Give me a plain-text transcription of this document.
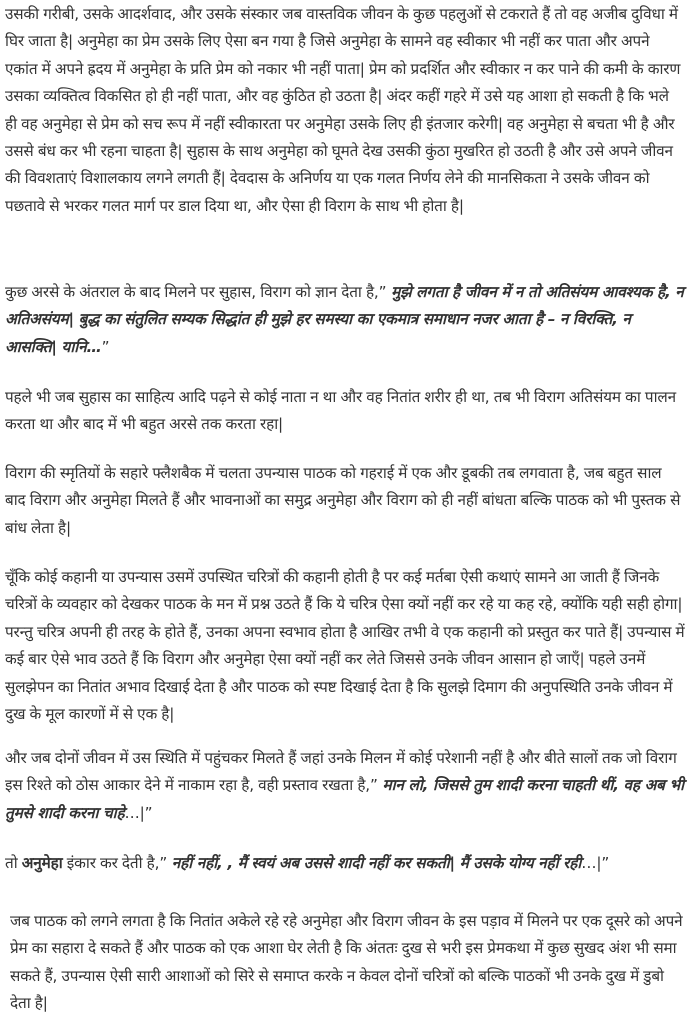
उसकी गरीबी, उसके आदर्शवाद, और उसके संस्कार जब वास्तविक जीवन के कुछ पहलुओं से टकराते हैं तो वह अजीब दुविधा में घिर जाता है| अनुमेहा का प्रेम उसके लिए ऐसा बन गया है जिसे अनुमेहा के सामने वह स्वीकार भी नहीं कर पाता और अपने एकांत में अपने ह्रदय में अनुमेहा के प्रति प्रेम को नकार भी नहीं पाता| प्रेम को प्रदर्शित और स्वीकार न कर पाने की कमी के कारण उसका व्यक्तित्व विकसित हो ही नहीं पाता, और वह कुंठित हो उठता है| अंदर कहीं गहरे में उसे यह आशा हो सकती है कि भले ही वह अनुमेहा से प्रेम को सच रूप में नहीं स्वीकारता पर अनुमेहा उसके लिए ही इंतजार करेगी| वह अनुमेहा से बचता भी है और उससे बंध कर भी रहना चाहता है| सुहास के साथ अनुमेहा को घूमते देख उसकी कुंठा मुखरित हो उठती है और उसे अपने जीवन की विवशताएं विशालकाय लगने लगती हैं| देवदास के अनिर्णय या एक गलत निर्णय लेने की मानसिकता ने उसके जीवन को पछतावे से भरकर गलत मार्ग पर डाल दिया था, और ऐसा ही विराग के साथ भी होता है|

कुछ अरसे के अंतराल के बाद मिलने पर सुहास, विराग को ज्ञान देता है,” मुझे लगता है जीवन में न तो अतिसंयम आवश्यक है, न अतिअसंयम| बुद्ध का संतुलित सम्यक सिद्धांत ही मुझे हर समस्या का एकमात्र समाधान नजर आता है – न विरक्ति, न आसक्ति| यानि…”

पहले भी जब सुहास का साहित्य आदि पढ़ने से कोई नाता न था और वह नितांत शरीर ही था, तब भी विराग अतिसंयम का पालन करता था और बाद में भी बहुत अरसे तक करता रहा|

विराग की स्मृतियों के सहारे फ्लैशबैक में चलता उपन्यास पाठक को गहराई में एक और डूबकी तब लगवाता है, जब बहुत साल बाद विराग और अनुमेहा मिलते हैं और भावनाओं का समुद्र अनुमेहा और विराग को ही नहीं बांधता बल्कि पाठक को भी पुस्तक से बांध लेता है|

चूँकि कोई कहानी या उपन्यास उसमें उपस्थित चरित्रों की कहानी होती है पर कई मर्तबा ऐसी कथाएं सामने आ जाती हैं जिनके चरित्रों के व्यवहार को देखकर पाठक के मन में प्रश्न उठते हैं कि ये चरित्र ऐसा क्यों नहीं कर रहे या कह रहे, क्योंकि यही सही होगा| परन्तु चरित्र अपनी ही तरह के होते हैं, उनका अपना स्वभाव होता है आखिर तभी वे एक कहानी को प्रस्तुत कर पाते हैं| उपन्यास में कई बार ऐसे भाव उठते हैं कि विराग और अनुमेहा ऐसा क्यों नहीं कर लेते जिससे उनके जीवन आसान हो जाएँ| पहले उनमें सुलझेपन का नितांत अभाव दिखाई देता है और पाठक को स्पष्ट दिखाई देता है कि सुलझे दिमाग की अनुपस्थिति उनके जीवन में दुख के मूल कारणों में से एक है|

और जब दोनों जीवन में उस स्थिति में पहुंचकर मिलते हैं जहां उनके मिलन में कोई परेशानी नहीं है और बीते सालों तक जो विराग इस रिश्ते को ठोस आकार देने में नाकाम रहा है, वही प्रस्ताव रखता है,” मान लो, जिससे तुम शादी करना चाहती थीं, वह अब भी तुमसे शादी करना चाहे…|”

तो अनुमेहा इंकार कर देती है,” नहीं नहीं, , मैं स्वयं अब उससे शादी नहीं कर सकती| मैं उसके योग्य नहीं रही…|”

जब पाठक को लगने लगता है कि नितांत अकेले रहे रहे अनुमेहा और विराग जीवन के इस पड़ाव में मिलने पर एक दूसरे को अपने प्रेम का सहारा दे सकते हैं और पाठक को एक आशा घेर लेती है कि अंततः दुख से भरी इस प्रेमकथा में कुछ सुखद अंश भी समा सकते हैं, उपन्यास ऐसी सारी आशाओं को सिरे से समाप्त करके न केवल दोनों चरित्रों को बल्कि पाठकों भी उनके दुख में डुबो देता है|
